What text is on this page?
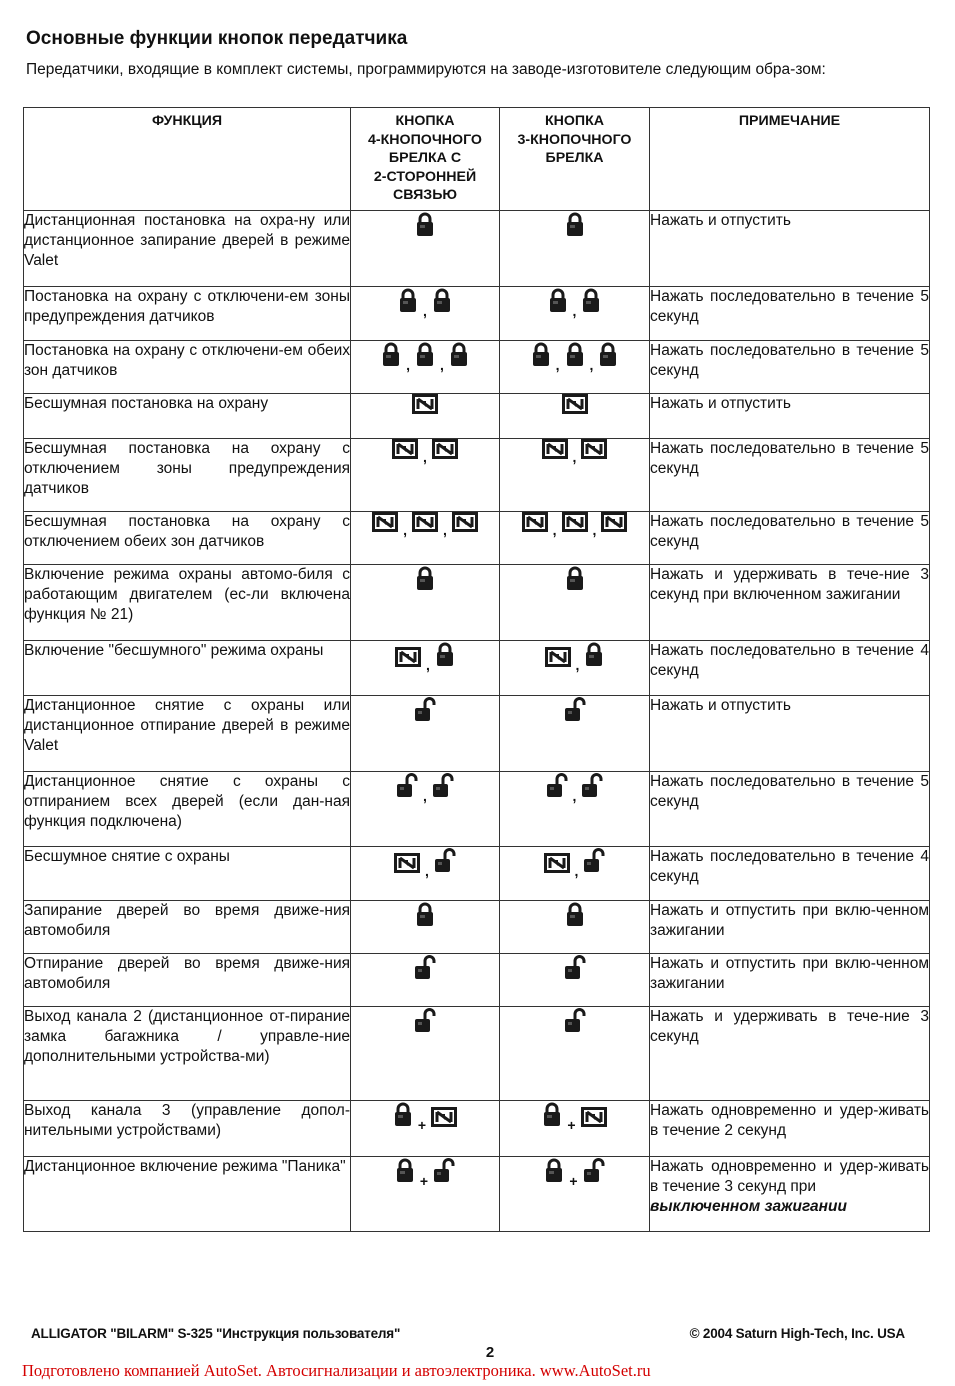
Основные функции кнопок передатчика

Передатчики, входящие в комплект системы, программируются на заводе-изготовителе следующим обра-зом:

ФУНКЦИЯ	КНОПКА
4-КНОПОЧНОГО
БРЕЛКА С
2-СТОРОННЕЙ
СВЯЗЬЮ	КНОПКА
3-КНОПОЧНОГО
БРЕЛКА	ПРИМЕЧАНИЕ
Дистанционная постановка на охра-ну или дистанционное запирание дверей в режиме Valet			Нажать и отпустить
Постановка на охрану с отключени-ем зоны предупреждения датчиков	,	,	Нажать последовательно в течение 5 секунд
Постановка на охрану с отключени-ем обеих зон датчиков	, ,	, ,	Нажать последовательно в течение 5 секунд
Бесшумная постановка на охрану			Нажать и отпустить
Бесшумная постановка на охрану с отключением зоны предупреждения датчиков	,	,	Нажать последовательно в течение 5 секунд
Бесшумная постановка на охрану с отключением обеих зон датчиков	, ,	, ,	Нажать последовательно в течение 5 секунд
Включение режима охраны автомо-биля с работающим двигателем (ес-ли включена функция № 21)			Нажать и удерживать в тече-ние 3 секунд при включенном зажигании
Включение "бесшумного" режима охраны	,	,	Нажать последовательно в течение 4 секунд
Дистанционное снятие с охраны или дистанционное отпирание дверей в режиме Valet			Нажать и отпустить
Дистанционное снятие с охраны с отпиранием всех дверей (если дан-ная функция подключена)	,	,	Нажать последовательно в течение 5 секунд
Бесшумное снятие с охраны	,	,	Нажать последовательно в течение 4 секунд
Запирание дверей во время движе-ния автомобиля			Нажать и отпустить при вклю-ченном зажигании
Отпирание дверей во время движе-ния автомобиля			Нажать и отпустить при вклю-ченном зажигании
Выход канала 2 (дистанционное от-пирание замка багажника / управле-ние дополнительными устройства-ми)			Нажать и удерживать в тече-ние 3 секунд
Выход канала 3 (управление допол-нительными устройствами)	+	+	Нажать одновременно и удер-живать в течение 2 секунд
Дистанционное включение режима "Паника"	+	+	Нажать одновременно и удер-живать в течение 3 секунд при
выключенном зажигании
ALLIGATOR "BILARM" S-325 "Инструкция пользователя"	© 2004 Saturn High-Tech, Inc. USA
2
Подготовлено компанией AutoSet. Автосигнализации и автоэлектроника. www.AutoSet.ru
